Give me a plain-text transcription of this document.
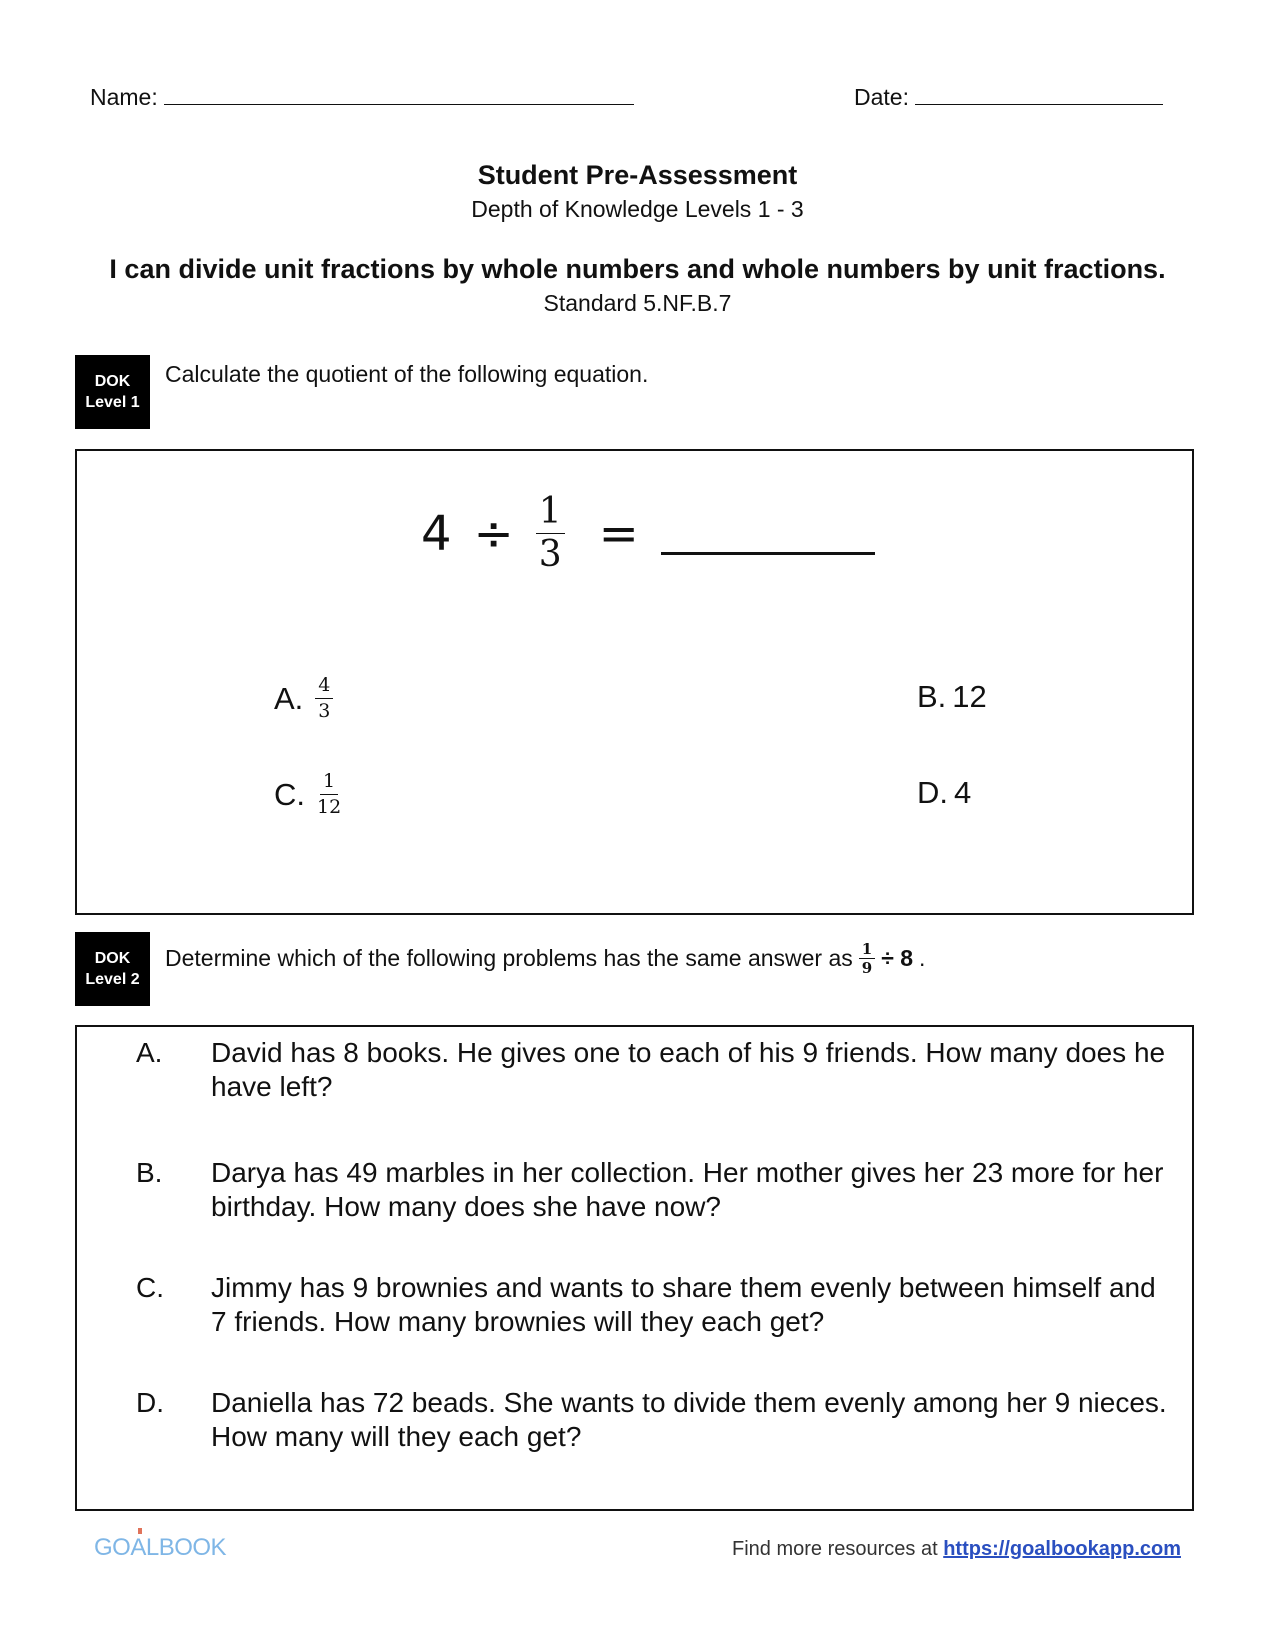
Name:	Date:
Student Pre-Assessment
Depth of Knowledge Levels 1 - 3
I can divide unit fractions by whole numbers and whole numbers by unit fractions.
Standard 5.NF.B.7
DOK
Level 1
Calculate the quotient of the following equation.
$4 \div \frac{1}{3}$ =
A. $\frac{4}{3}$	B. 12
C. $\frac{1}{12}$	D. 4
DOK
Level 2
Determine which of the following problems has the same answer as $\frac{1}{9} \div 8$ .
A.	David has 8 books. He gives one to each of his 9 friends. How many does he have left?
B.	Darya has 49 marbles in her collection. Her mother gives her 23 more for her birthday. How many does she have now?
C.	Jimmy has 9 brownies and wants to share them evenly between himself and 7 friends. How many brownies will they each get?
D.	Daniella has 72 beads. She wants to divide them evenly among her 9 nieces. How many will they each get?
GOALBOOK	Find more resources at https://goalbookapp.com
